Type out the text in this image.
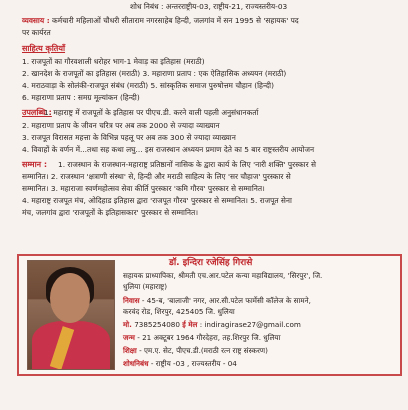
शोध निबंध : अन्तरराष्ट्रीय-03, राष्ट्रीय-21, राज्यस्तरीय-03
व्यवसाय : कर्मचारी महिलाओं चौधरी सीताराम नगरसाहेब हिन्दी, जलगांव में सन 1995 से 'सहायक' पद
पर कार्यरत
साहित्य कृतियाँ
1. राजपूतों का गौरवशाली धरोहर भाग-1 मेवाड़ का इतिहास (मराठी)
2. खानदेश के राजपूतों का इतिहास (मराठी) 3. महाराणा प्रताप : एक ऐतिहासिक अध्ययन (मराठी)
4. मराठवाड़ा के सोलंकी-राजपूत संबंध (मराठी) 5. सांस्कृतिक समाज पुरुषोत्तम चौहान (हिन्दी)
6. महाराणा प्रताप : समग्र मूल्यांकन (हिन्दी)
उपलब्धि :
1. महाराष्ट्र में राजपूतों के इतिहास पर पीएच.डी. करने वाली पहली अनुसंधानकर्ता
2. महाराणा प्रताप के जीवन चरित्र पर अब तक 2000 से ज्यादा व्याख्यान
3. राजपूत विरासत महत्ता के विभिन्न पहलू पर अब तक 300 से ज्यादा व्याख्यान
4. विवाहों के वर्णन में...तथा सह कथा लघु... इस राजस्थान अध्ययन प्रमाण देते का 5 बार राष्ट्रस्तरीय आयोजन
सम्मान : 1. राजस्थान के राजस्थान-महाराष्ट्र प्रतिष्ठानों नासिक के द्वारा कार्य के लिए 'नारी शक्ति' पुरस्कार से
सम्मानित। 2. राजस्थान 'क्षत्राणी संस्था' से, हिन्दी और मराठी साहित्य के लिए 'सर चौहाज' पुरस्कार से
सम्मानित। 3. महाराजा स्वर्णमहोत्सव सेवा कीर्ति पुरस्कार 'कमि गौरव' पुरस्कार से सम्मानित।
4. महाराष्ट्र राजपूत मंच, ओदिहाड इतिहास द्वारा 'राजपूत गौरव' पुरस्कार से सम्मानित। 5. राजपूत सेना
मंच, जलगांव द्वारा 'राजपूतों के इतिहासकार' पुरस्कार से सम्मानित।
डॉ. इन्दिरा रजेसिंह गिरासे
सहायक प्राध्यापिका, श्रीमती एच.आर.पटेल कन्या महाविद्यालय, 'सिरपुर', जि.
धुलिया (महाराष्ट्र)
निवास - 45-ब, 'बालाजी' नगर, आर.सी.पटेल फार्मेसी कॉलेज के सामने,
करवंद रोड, शिरपुर, 425405 जि. धुलिया
मो. 7385254080 ई मेल : indiragirase27@gmail.com
जन्म - 21 अक्टूबर 1964 गौरदेहरा, तह.शिरपुर जि. धुलिया
शिक्षा - एम.ए. सेट, पीएच.डी.(मराठी रत्न राष्ट्र संस्करण)
शोधनिबंध - राष्ट्रीय -03 , राज्यस्तरीय - 04
